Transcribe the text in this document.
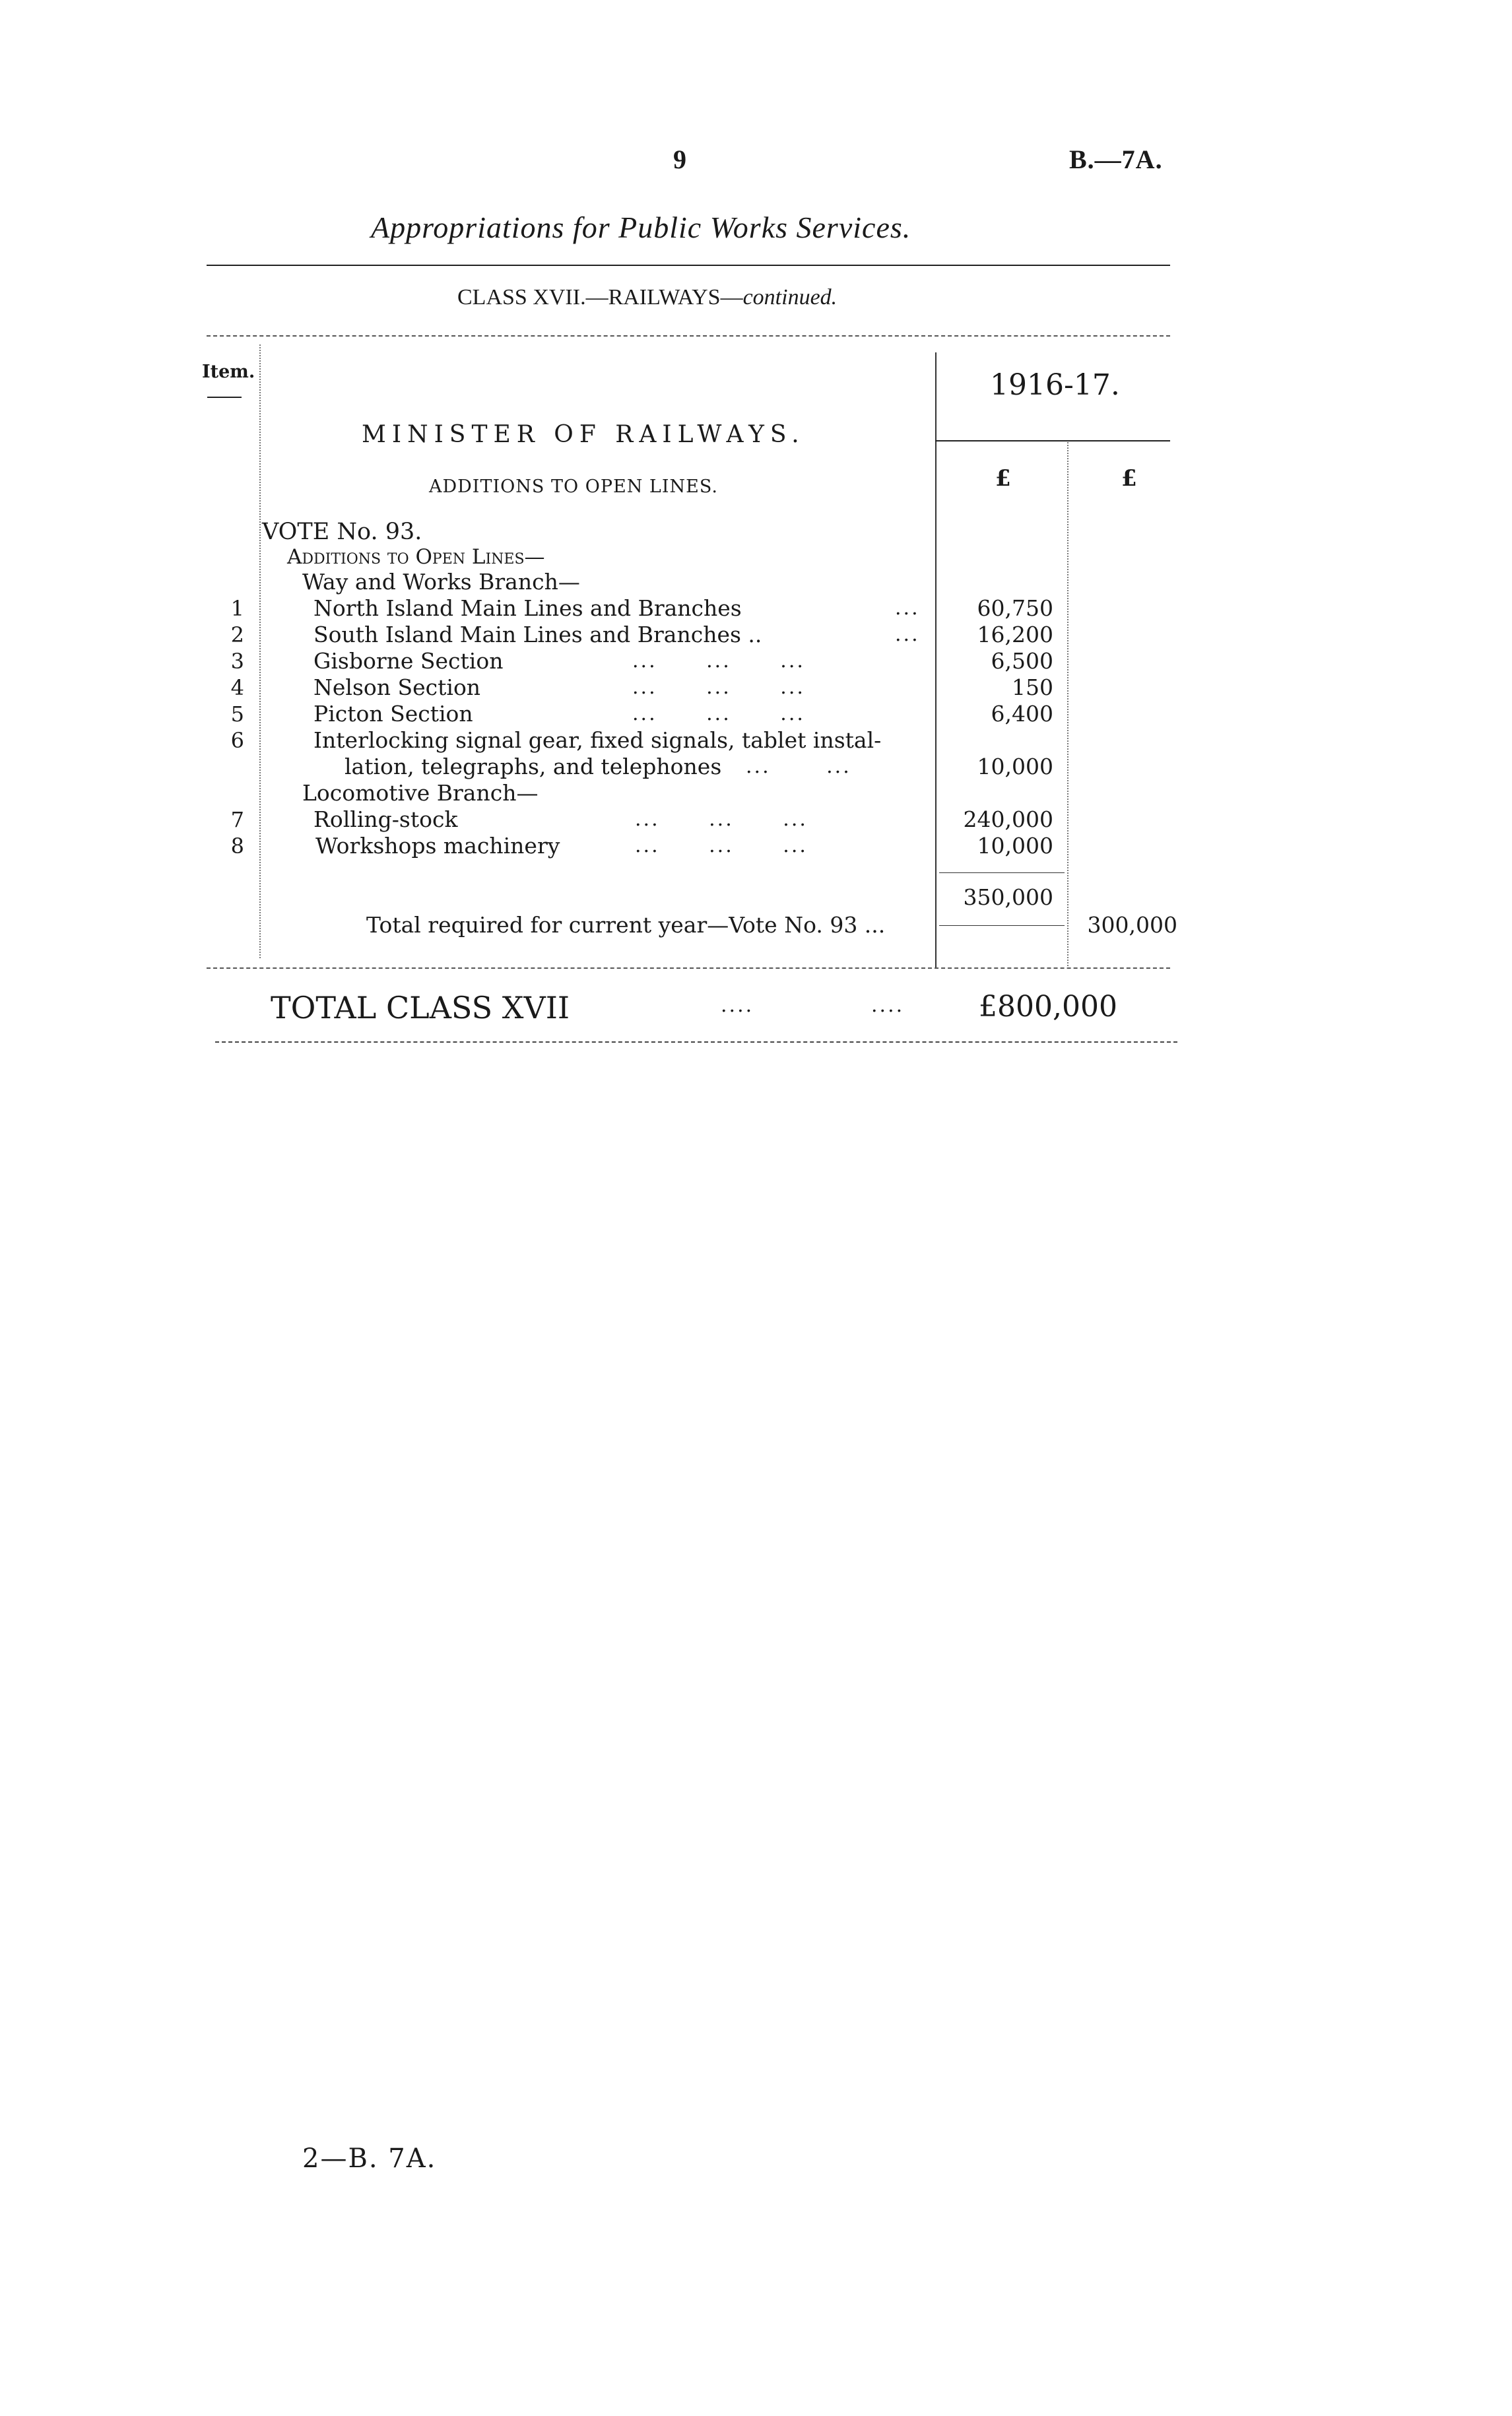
9	B.—7A.
Appropriations for Public Works Services.
CLASS XVII.—RAILWAYS—continued.
Item.	1916-17.
£	£
MINISTER OF RAILWAYS.
ADDITIONS TO OPEN LINES.
VOTE No. 93.
Additions to Open Lines—
Way and Works Branch—
1	North Island Main Lines and Branches	...	60,750
2	South Island Main Lines and Branches ..	...	16,200
3	Gisborne Section	... ... ...	6,500
4	Nelson Section	... ... ...	150
5	Picton Section	... ... ...	6,400
6	Interlocking signal gear, fixed signals, tablet instal-
lation, telegraphs, and telephones ... ...	10,000
Locomotive Branch—
7	Rolling-stock	... ... ...	240,000
8	Workshops machinery	... ... ...	10,000
350,000
Total required for current year—Vote No. 93 ...	300,000
TOTAL CLASS XVII	....	....	£800,000
2—B. 7A.
